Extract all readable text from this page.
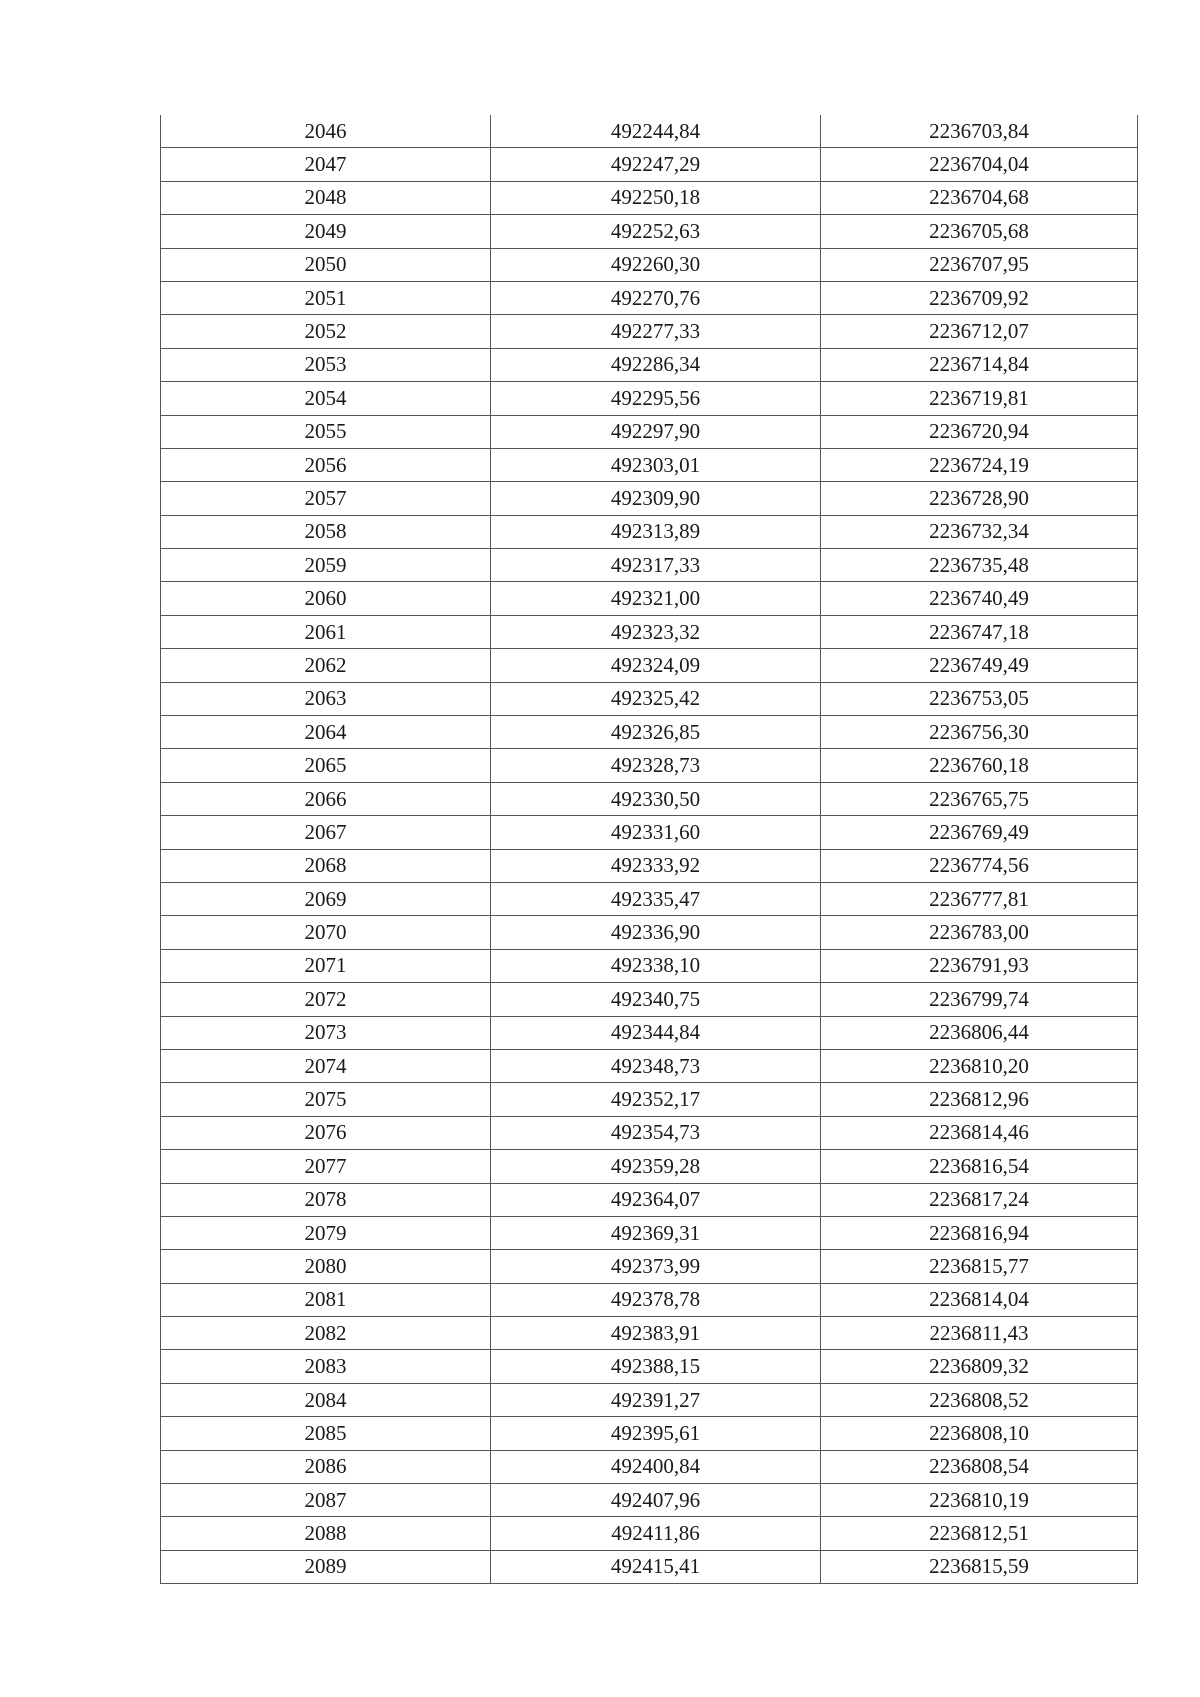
2046	492244,84	2236703,84
2047	492247,29	2236704,04
2048	492250,18	2236704,68
2049	492252,63	2236705,68
2050	492260,30	2236707,95
2051	492270,76	2236709,92
2052	492277,33	2236712,07
2053	492286,34	2236714,84
2054	492295,56	2236719,81
2055	492297,90	2236720,94
2056	492303,01	2236724,19
2057	492309,90	2236728,90
2058	492313,89	2236732,34
2059	492317,33	2236735,48
2060	492321,00	2236740,49
2061	492323,32	2236747,18
2062	492324,09	2236749,49
2063	492325,42	2236753,05
2064	492326,85	2236756,30
2065	492328,73	2236760,18
2066	492330,50	2236765,75
2067	492331,60	2236769,49
2068	492333,92	2236774,56
2069	492335,47	2236777,81
2070	492336,90	2236783,00
2071	492338,10	2236791,93
2072	492340,75	2236799,74
2073	492344,84	2236806,44
2074	492348,73	2236810,20
2075	492352,17	2236812,96
2076	492354,73	2236814,46
2077	492359,28	2236816,54
2078	492364,07	2236817,24
2079	492369,31	2236816,94
2080	492373,99	2236815,77
2081	492378,78	2236814,04
2082	492383,91	2236811,43
2083	492388,15	2236809,32
2084	492391,27	2236808,52
2085	492395,61	2236808,10
2086	492400,84	2236808,54
2087	492407,96	2236810,19
2088	492411,86	2236812,51
2089	492415,41	2236815,59
